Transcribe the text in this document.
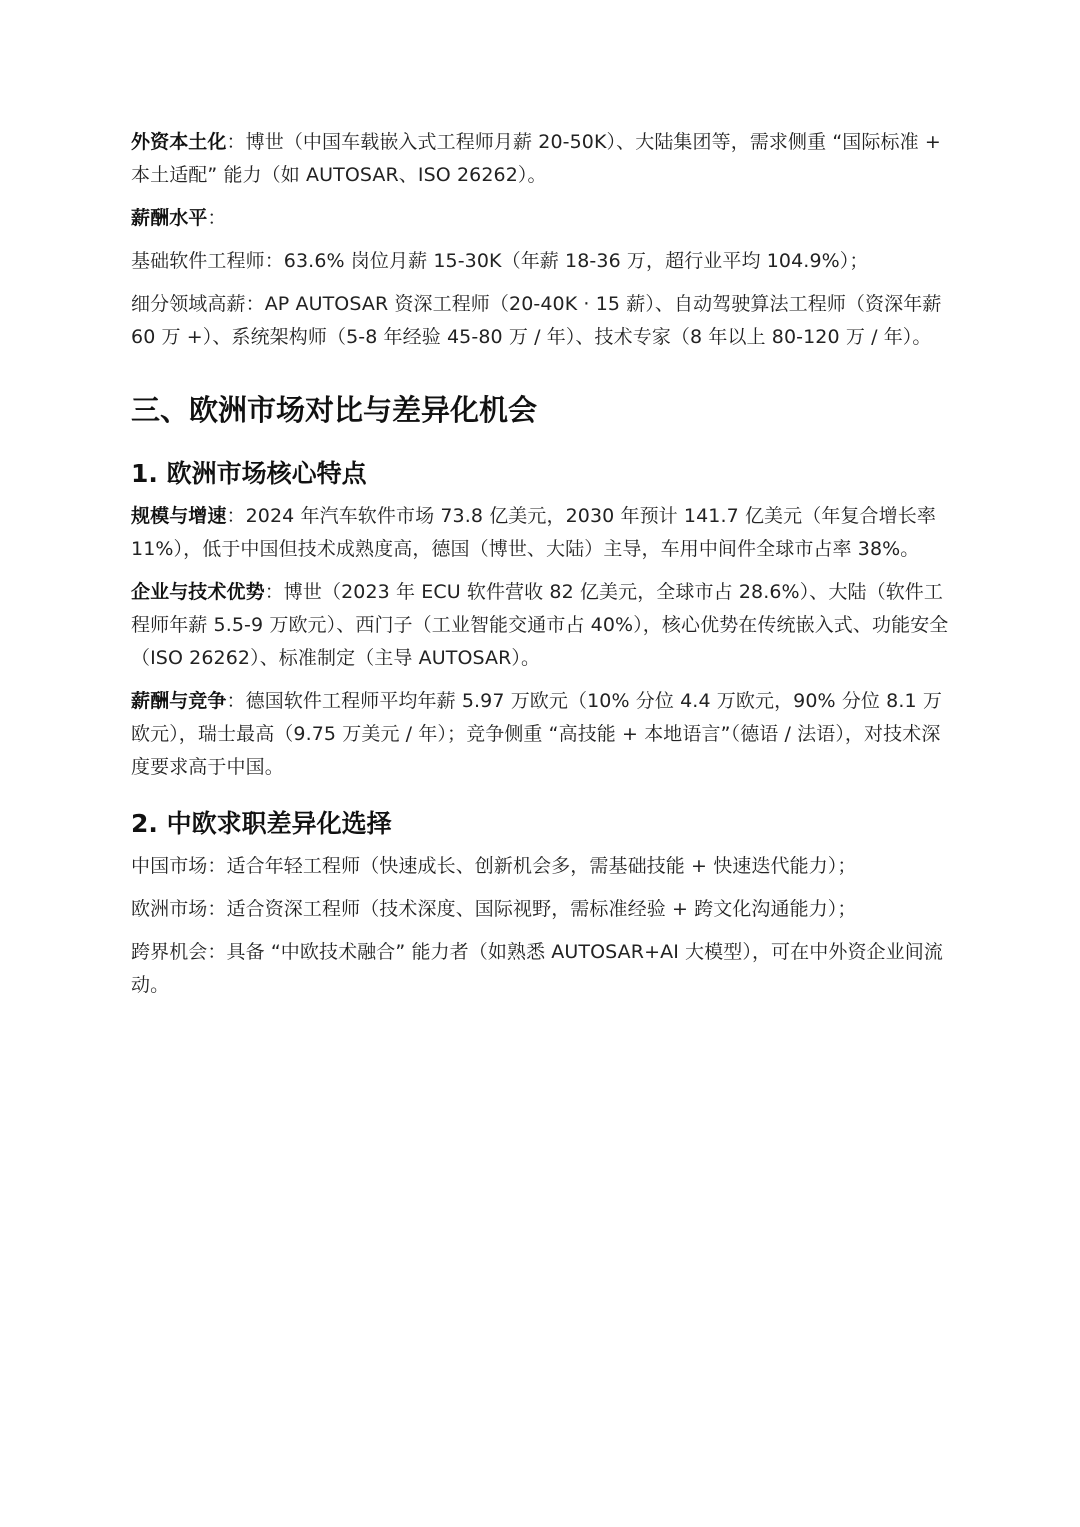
外资本土化：博世（中国车载嵌入式工程师月薪 20-50K）、大陆集团等，需求侧重 “国际标准 + 本土适配” 能力（如 AUTOSAR、ISO 26262）。

薪酬水平：

基础软件工程师：63.6% 岗位月薪 15-30K（年薪 18-36 万，超行业平均 104.9%）；

细分领域高薪：AP AUTOSAR 资深工程师（20-40K · 15 薪）、自动驾驶算法工程师（资深年薪 60 万 +）、系统架构师（5-8 年经验 45-80 万 / 年）、技术专家（8 年以上 80-120 万 / 年）。

三、欧洲市场对比与差异化机会
1. 欧洲市场核心特点

规模与增速：2024 年汽车软件市场 73.8 亿美元，2030 年预计 141.7 亿美元（年复合增长率 11%），低于中国但技术成熟度高，德国（博世、大陆）主导，车用中间件全球市占率 38%。

企业与技术优势：博世（2023 年 ECU 软件营收 82 亿美元，全球市占 28.6%）、大陆（软件工程师年薪 5.5-9 万欧元）、西门子（工业智能交通市占 40%），核心优势在传统嵌入式、功能安全（ISO 26262）、标准制定（主导 AUTOSAR）。

薪酬与竞争：德国软件工程师平均年薪 5.97 万欧元（10% 分位 4.4 万欧元，90% 分位 8.1 万欧元），瑞士最高（9.75 万美元 / 年）；竞争侧重 “高技能 + 本地语言”（德语 / 法语），对技术深度要求高于中国。

2. 中欧求职差异化选择

中国市场：适合年轻工程师（快速成长、创新机会多，需基础技能 + 快速迭代能力）；

欧洲市场：适合资深工程师（技术深度、国际视野，需标准经验 + 跨文化沟通能力）；

跨界机会：具备 “中欧技术融合” 能力者（如熟悉 AUTOSAR+AI 大模型），可在中外资企业间流动。
